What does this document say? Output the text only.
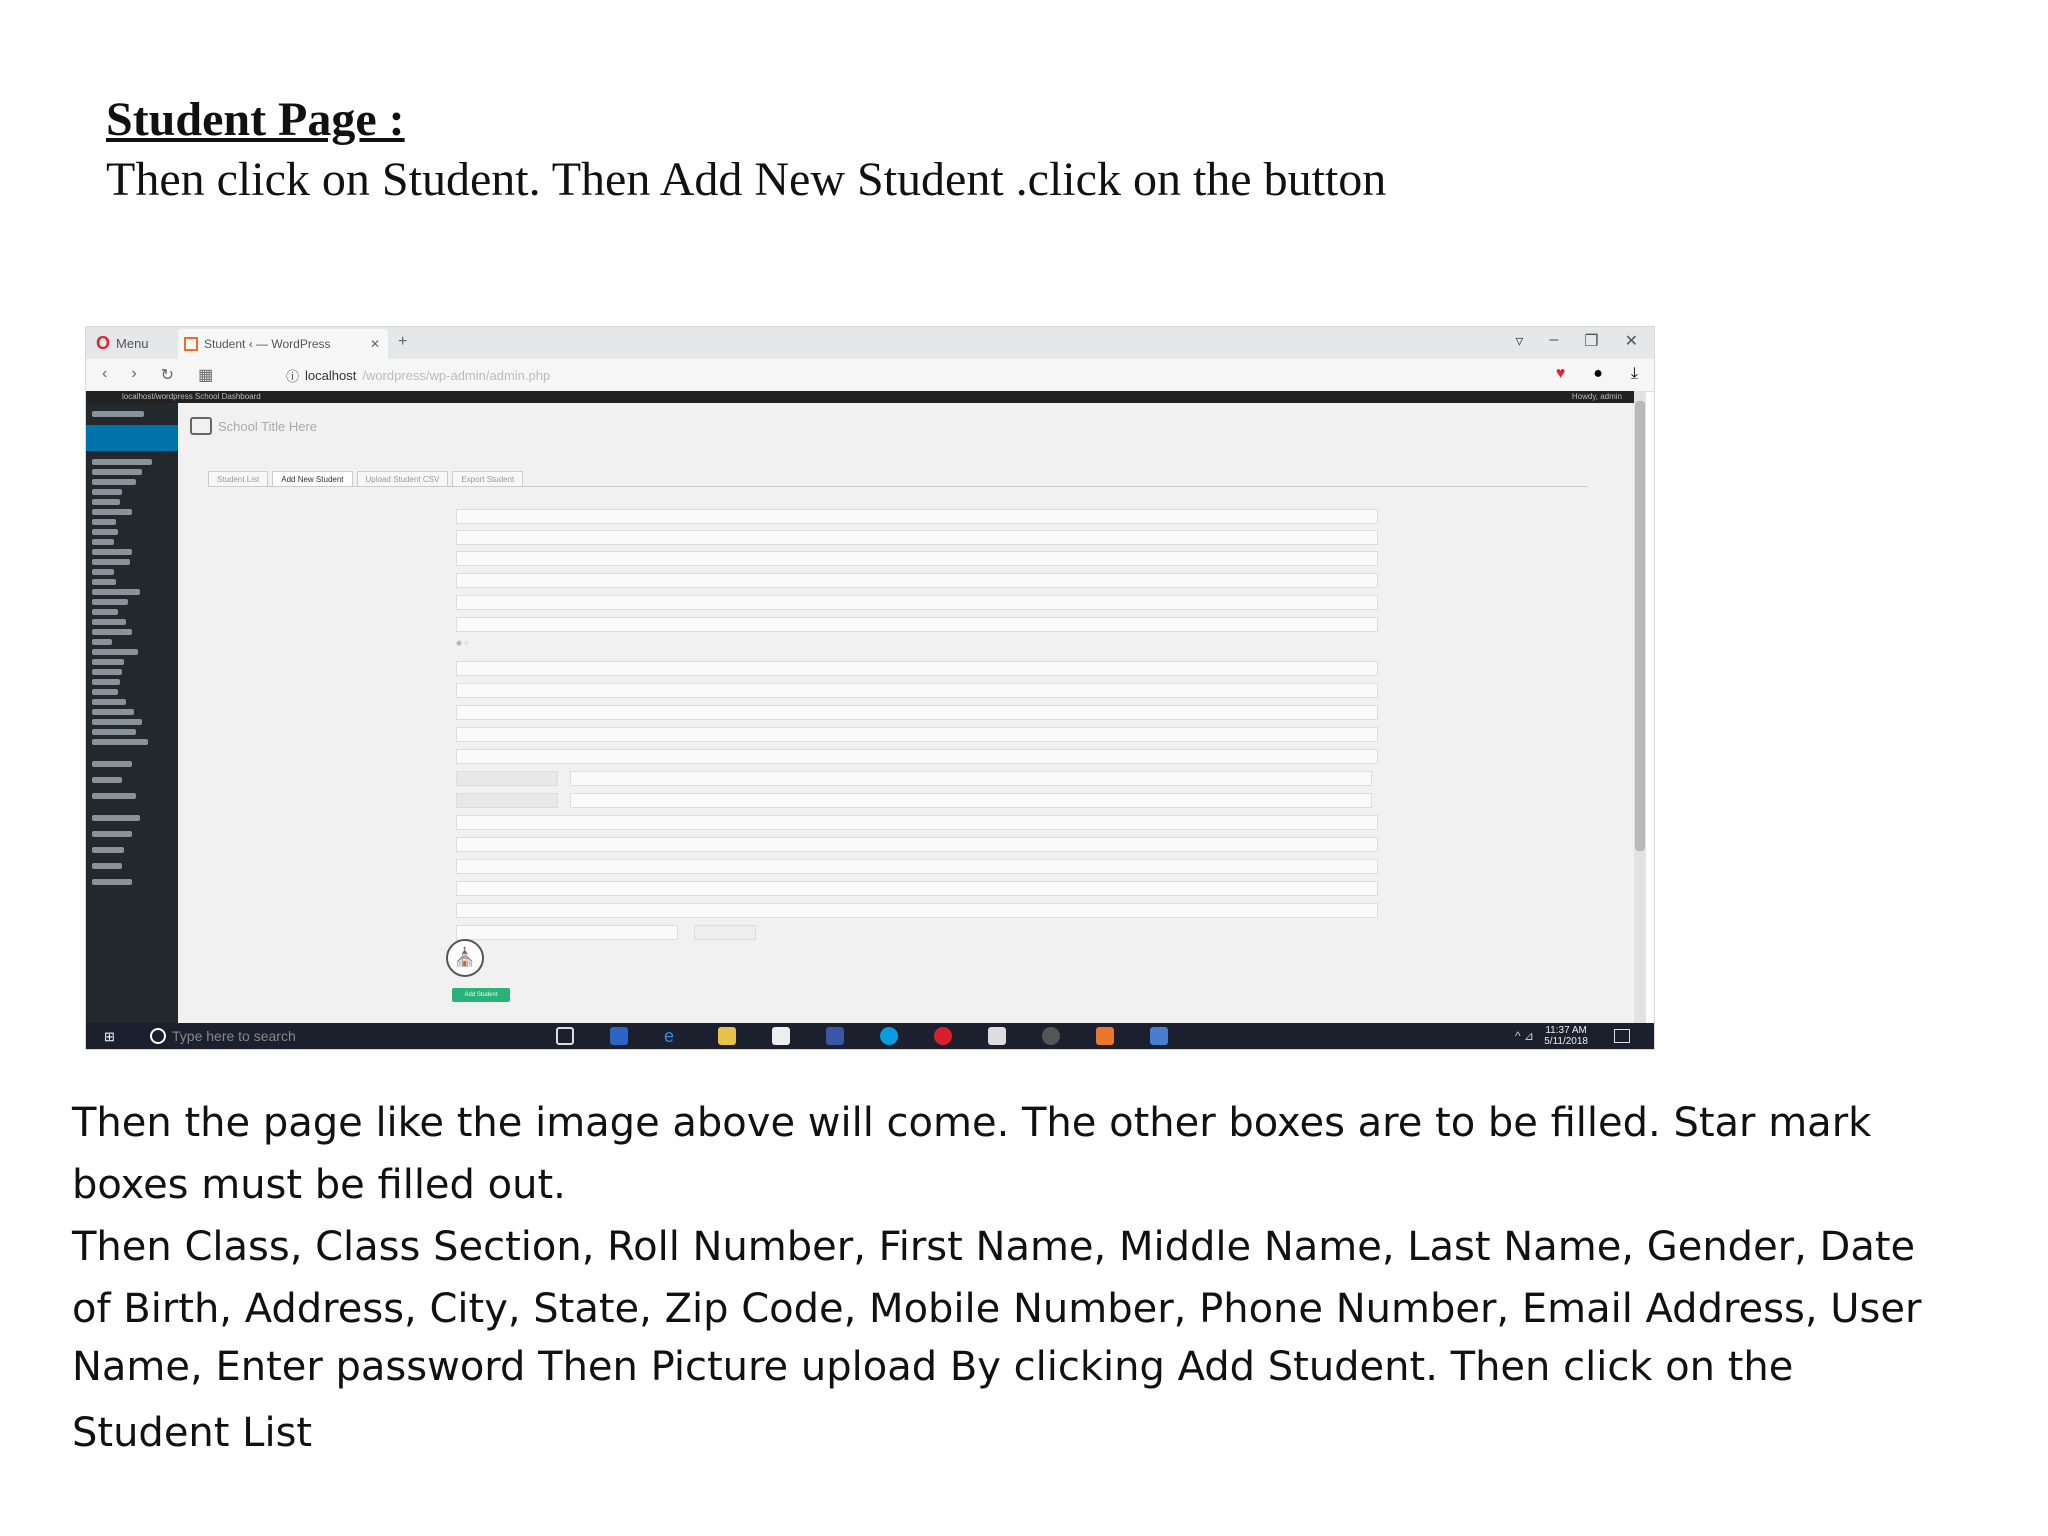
Student Page :
Then click on Student. Then Add New Student .click on the button
O Menu	Student ‹ — WordPress	✕ +	▿ – ❐ ✕
‹ › ↻ ▦	ⓘ localhost /wordpress/wp-admin/admin.php	♥ ● ⤓
localhost/wordpress School Dashboard	Howdy, admin
School Title Here
Student List	Add New Student	Upload Student CSV	Export Student
◉ ○
⛪
Add Student
⊞	Type here to search	e	^ ⊿ 11:37 AM
5/11/2018
Then the page like the image above will come. The other boxes are to be filled. Star mark
boxes must be filled out.
Then Class, Class Section, Roll Number, First Name, Middle Name, Last Name, Gender, Date
of Birth, Address, City, State, Zip Code, Mobile Number, Phone Number, Email Address, User
Name, Enter password Then Picture upload By clicking Add Student. Then click on the
Student List
